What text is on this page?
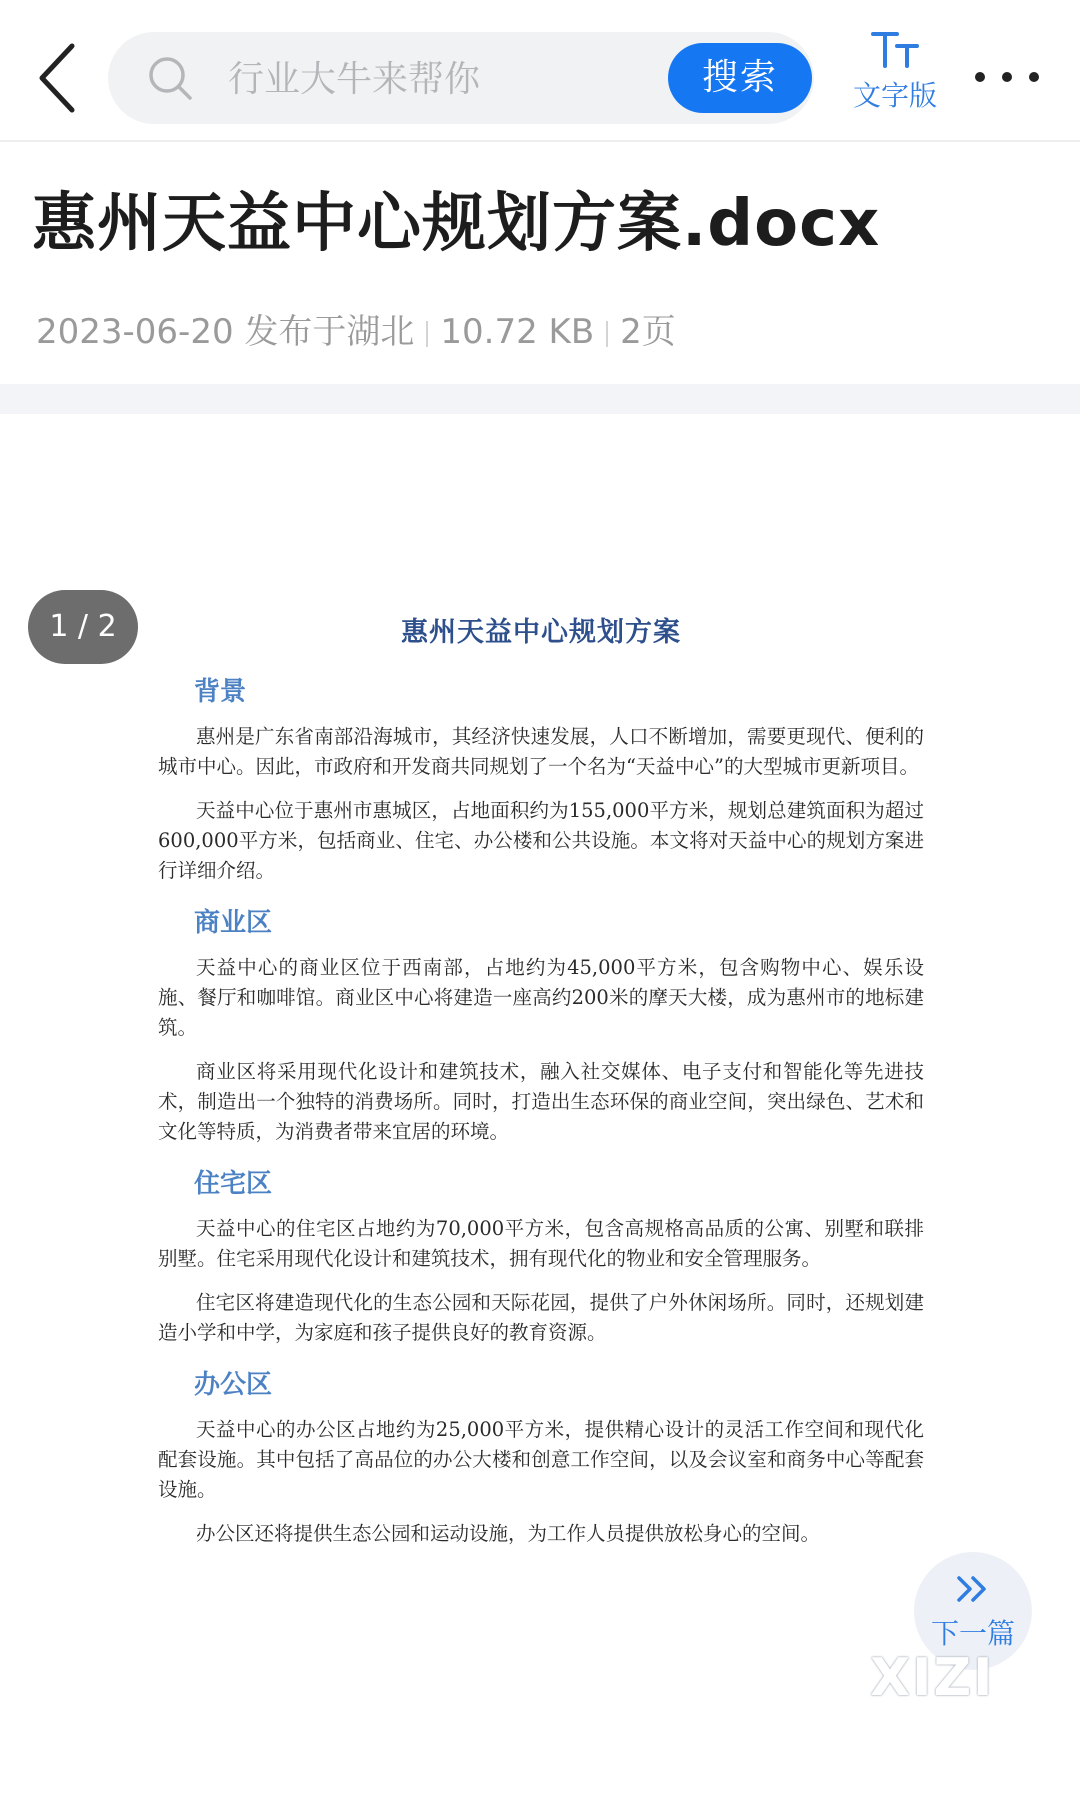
行业大牛来帮你
搜索	文字版
惠州天益中心规划方案.docx
2023-06-20 发布于湖北 10.72 KB 2页
1 / 2	惠州天益中心规划方案
背景

惠州是广东省南部沿海城市，其经济快速发展，人口不断增加，需要更现代、便利的城市中心。因此，市政府和开发商共同规划了一个名为“天益中心”的大型城市更新项目。

天益中心位于惠州市惠城区，占地面积约为155,000平方米，规划总建筑面积为超过600,000平方米，包括商业、住宅、办公楼和公共设施。本文将对天益中心的规划方案进行详细介绍。

商业区

天益中心的商业区位于西南部，占地约为45,000平方米，包含购物中心、娱乐设施、餐厅和咖啡馆。商业区中心将建造一座高约200米的摩天大楼，成为惠州市的地标建筑。

商业区将采用现代化设计和建筑技术，融入社交媒体、电子支付和智能化等先进技术，制造出一个独特的消费场所。同时，打造出生态环保的商业空间，突出绿色、艺术和文化等特质，为消费者带来宜居的环境。

住宅区

天益中心的住宅区占地约为70,000平方米，包含高规格高品质的公寓、别墅和联排别墅。住宅采用现代化设计和建筑技术，拥有现代化的物业和安全管理服务。

住宅区将建造现代化的生态公园和天际花园，提供了户外休闲场所。同时，还规划建造小学和中学，为家庭和孩子提供良好的教育资源。

办公区

天益中心的办公区占地约为25,000平方米，提供精心设计的灵活工作空间和现代化配套设施。其中包括了高品位的办公大楼和创意工作空间，以及会议室和商务中心等配套设施。

办公区还将提供生态公园和运动设施，为工作人员提供放松身心的空间。

下一篇
XIZI
